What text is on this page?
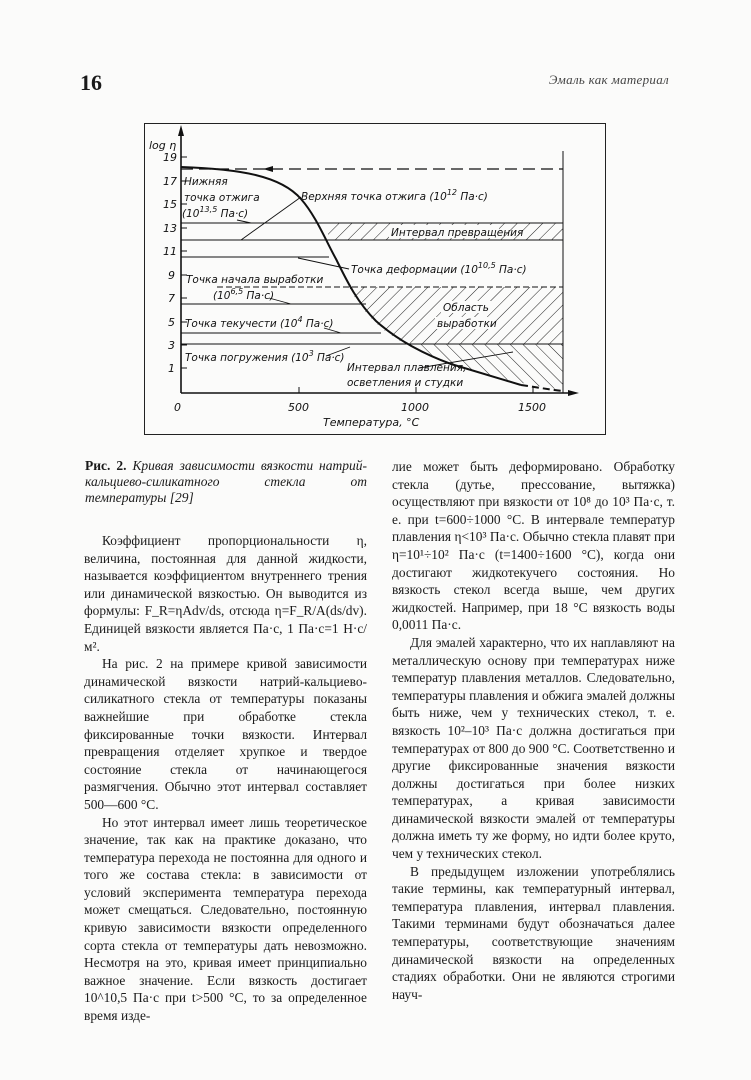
16	Эмаль как материал
log η
19
17
15
13
11
9
7
5
3
1
0	500	1000	1500
Температура, °C
Нижняя
точка отжига
(10$^{13,5}$ Па·с)
Верхняя точка отжига ($10^{12}$ Па·с)
Интервал превращения
Точка деформации (10$^{10,5}$ Па·с)
Точка начала выработки
(10$^{6,5}$ Па·с)
Область
выработки
Точка текучести ($10^4$ Па·с)
Точка погружения ($10^3$ Па·с)
Интервал плавления,
осветления и студки
Рис. 2. Кривая зависимости вязкости натрий-кальциево-силикатного стекла от температуры [29]

Коэффициент пропорциональности η, величина, постоянная для данной жидкости, называется коэффициентом внутреннего трения или динамической вязкостью. Он выводится из формулы: F_R=ηAdv/ds, отсюда η=F_R/A(ds/dv). Единицей вязкости является Па·с, 1 Па·с=1 Н·с/м².

На рис. 2 на примере кривой зависимости динамической вязкости натрий-кальциево-силикатного стекла от температуры показаны важнейшие при обработке стекла фиксированные точки вязкости. Интервал превращения отделяет хрупкое и твердое состояние стекла от начинающегося размягчения. Обычно этот интервал составляет 500—600 °C.

Но этот интервал имеет лишь теоретическое значение, так как на практике доказано, что температура перехода не постоянна для одного и того же состава стекла: в зависимости от условий эксперимента температура перехода может смещаться. Следовательно, постоянную кривую зависимости вязкости определенного сорта стекла от температуры дать невозможно. Несмотря на это, кривая имеет принципиально важное значение. Если вязкость достигает 10^10,5 Па·с при t>500 °C, то за определенное время изде-

лие может быть деформировано. Обработку стекла (дутье, прессование, вытяжка) осуществляют при вязкости от 10⁸ до 10³ Па·с, т. е. при t=600÷1000 °C. В интервале температур плавления η<10³ Па·с. Обычно стекла плавят при η=10¹÷10² Па·с (t=1400÷1600 °C), когда они достигают жидкотекучего состояния. Но вязкость стекол всегда выше, чем других жидкостей. Например, при 18 °C вязкость воды 0,0011 Па·с.

Для эмалей характерно, что их наплавляют на металлическую основу при температурах ниже температур плавления металлов. Следовательно, температуры плавления и обжига эмалей должны быть ниже, чем у технических стекол, т. е. вязкость 10²–10³ Па·с должна достигаться при температурах от 800 до 900 °C. Соответственно и другие фиксированные значения вязкости должны достигаться при более низких температурах, а кривая зависимости динамической вязкости эмалей от температуры должна иметь ту же форму, но идти более круто, чем у технических стекол.

В предыдущем изложении употреблялись такие термины, как температурный интервал, температура плавления, интервал плавления. Такими терминами будут обозначаться далее температуры, соответствующие значениям динамической вязкости на определенных стадиях обработки. Они не являются строгими науч-
